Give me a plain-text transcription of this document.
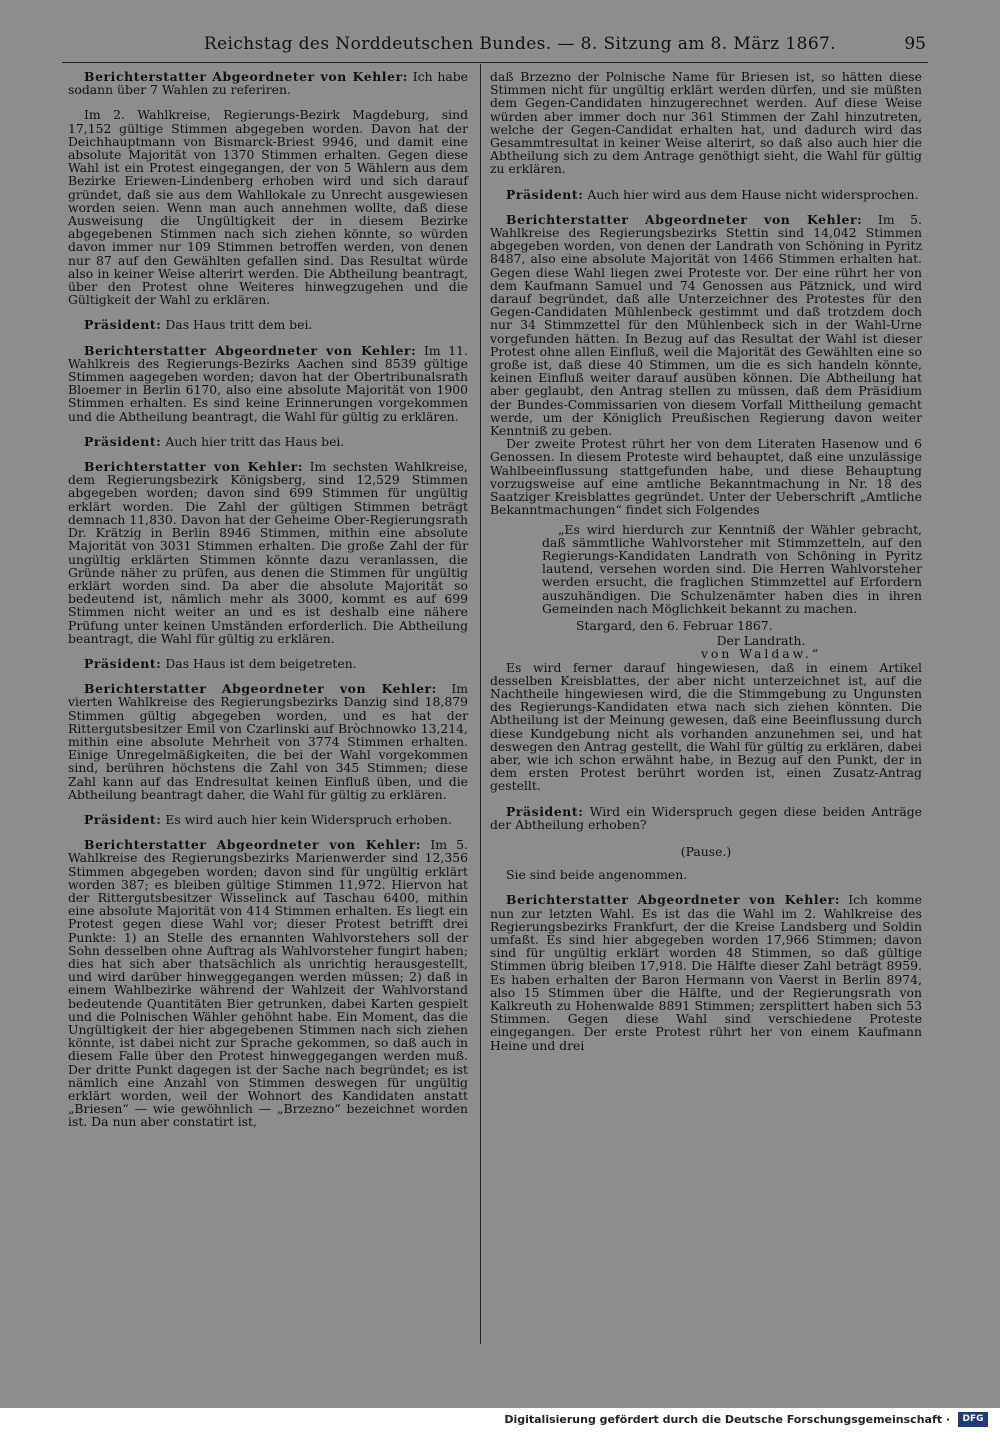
Reichstag des Norddeutschen Bundes. — 8. Sitzung am 8. März 1867.	95

Berichterstatter Abgeordneter von Kehler: Ich habe sodann über 7 Wahlen zu referiren.

Im 2. Wahlkreise, Regierungs-Bezirk Magdeburg, sind 17,152 gültige Stimmen abgegeben worden. Davon hat der Deichhauptmann von Bismarck-Briest 9946, und damit eine absolute Majorität von 1370 Stimmen erhalten. Gegen diese Wahl ist ein Protest eingegangen, der von 5 Wählern aus dem Bezirke Eriewen-Lindenberg erhoben wird und sich darauf gründet, daß sie aus dem Wahllokale zu Unrecht ausgewiesen worden seien. Wenn man auch annehmen wollte, daß diese Ausweisung die Ungültigkeit der in diesem Bezirke abgegebenen Stimmen nach sich ziehen könnte, so würden davon immer nur 109 Stimmen betroffen werden, von denen nur 87 auf den Gewählten gefallen sind. Das Resultat würde also in keiner Weise alterirt werden. Die Abtheilung beantragt, über den Protest ohne Weiteres hinwegzugehen und die Gültigkeit der Wahl zu erklären.

Präsident: Das Haus tritt dem bei.

Berichterstatter Abgeordneter von Kehler: Im 11. Wahlkreis des Regierungs-Bezirks Aachen sind 8539 gültige Stimmen aagegeben worden; davon hat der Obertribunalsrath Bloemer in Berlin 6170, also eine absolute Majorität von 1900 Stimmen erhalten. Es sind keine Erinnerungen vorgekommen und die Abtheilung beantragt, die Wahl für gültig zu erklären.

Präsident: Auch hier tritt das Haus bei.

Berichterstatter von Kehler: Im sechsten Wahlkreise, dem Regierungsbezirk Königsberg, sind 12,529 Stimmen abgegeben worden; davon sind 699 Stimmen für ungültig erklärt worden. Die Zahl der gültigen Stimmen beträgt demnach 11,830. Davon hat der Geheime Ober-Regierungsrath Dr. Krätzig in Berlin 8946 Stimmen, mithin eine absolute Majorität von 3031 Stimmen erhalten. Die große Zahl der für ungültig erklärten Stimmen könnte dazu veranlassen, die Gründe näher zu prüfen, aus denen die Stimmen für ungültig erklärt worden sind. Da aber die absolute Majorität so bedeutend ist, nämlich mehr als 3000, kommt es auf 699 Stimmen nicht weiter an und es ist deshalb eine nähere Prüfung unter keinen Umständen erforderlich. Die Abtheilung beantragt, die Wahl für gültig zu erklären.

Präsident: Das Haus ist dem beigetreten.

Berichterstatter Abgeordneter von Kehler: Im vierten Wahlkreise des Regierungsbezirks Danzig sind 18,879 Stimmen gültig abgegeben worden, und es hat der Rittergutsbesitzer Emil von Czarlinski auf Bròchnowko 13,214, mithin eine absolute Mehrheit von 3774 Stimmen erhalten. Einige Unregelmäßigkeiten, die bei der Wahl vorgekommen sind, berühren höchstens die Zahl von 345 Stimmen; diese Zahl kann auf das Endresultat keinen Einfluß üben, und die Abtheilung beantragt daher, die Wahl für gültig zu erklären.

Präsident: Es wird auch hier kein Widerspruch erhoben.

Berichterstatter Abgeordneter von Kehler: Im 5. Wahlkreise des Regierungsbezirks Marienwerder sind 12,356 Stimmen abgegeben worden; davon sind für ungültig erklärt worden 387; es bleiben gültige Stimmen 11,972. Hiervon hat der Rittergutsbesitzer Wisselinck auf Taschau 6400, mithin eine absolute Majorität von 414 Stimmen erhalten. Es liegt ein Protest gegen diese Wahl vor; dieser Protest betrifft drei Punkte: 1) an Stelle des ernannten Wahlvorstehers soll der Sohn desselben ohne Auftrag als Wahlvorsteher fungirt haben; dies hat sich aber thatsächlich als unrichtig herausgestellt, und wird darüber hinweggegangen werden müssen; 2) daß in einem Wahlbezirke während der Wahlzeit der Wahlvorstand bedeutende Quantitäten Bier getrunken, dabei Karten gespielt und die Polnischen Wähler gehöhnt habe. Ein Moment, das die Ungültigkeit der hier abgegebenen Stimmen nach sich ziehen könnte, ist dabei nicht zur Sprache gekommen, so daß auch in diesem Falle über den Protest hinweggegangen werden muß. Der dritte Punkt dagegen ist der Sache nach begründet; es ist nämlich eine Anzahl von Stimmen deswegen für ungültig erklärt worden, weil der Wohnort des Kandidaten anstatt „Briesen“ — wie gewöhnlich — „Brzezno“ bezeichnet worden ist. Da nun aber constatirt ist,

daß Brzezno der Polnische Name für Briesen ist, so hätten diese Stimmen nicht für ungültig erklärt werden dürfen, und sie müßten dem Gegen-Candidaten hinzugerechnet werden. Auf diese Weise würden aber immer doch nur 361 Stimmen der Zahl hinzutreten, welche der Gegen-Candidat erhalten hat, und dadurch wird das Gesammtresultat in keiner Weise alterirt, so daß also auch hier die Abtheilung sich zu dem Antrage genöthigt sieht, die Wahl für gültig zu erklären.

Präsident: Auch hier wird aus dem Hause nicht widersprochen.

Berichterstatter Abgeordneter von Kehler: Im 5. Wahlkreise des Regierungsbezirks Stettin sind 14,042 Stimmen abgegeben worden, von denen der Landrath von Schöning in Pyritz 8487, also eine absolute Majorität von 1466 Stimmen erhalten hat. Gegen diese Wahl liegen zwei Proteste vor. Der eine rührt her von dem Kaufmann Samuel und 74 Genossen aus Pätznick, und wird darauf begründet, daß alle Unterzeichner des Protestes für den Gegen-Candidaten Mühlenbeck gestimmt und daß trotzdem doch nur 34 Stimmzettel für den Mühlenbeck sich in der Wahl-Urne vorgefunden hätten. In Bezug auf das Resultat der Wahl ist dieser Protest ohne allen Einfluß, weil die Majorität des Gewählten eine so große ist, daß diese 40 Stimmen, um die es sich handeln könnte, keinen Einfluß weiter darauf ausüben können. Die Abtheilung hat aber geglaubt, den Antrag stellen zu müssen, daß dem Präsidium der Bundes-Commissarien von diesem Vorfall Mittheilung gemacht werde, um der Königlich Preußischen Regierung davon weiter Kenntniß zu geben.

Der zweite Protest rührt her von dem Literaten Hasenow und 6 Genossen. In diesem Proteste wird behauptet, daß eine unzulässige Wahlbeeinflussung stattgefunden habe, und diese Behauptung vorzugsweise auf eine amtliche Bekanntmachung in Nr. 18 des Saatziger Kreisblattes gegründet. Unter der Ueberschrift „Amtliche Bekanntmachungen“ findet sich Folgendes

„Es wird hierdurch zur Kenntniß der Wähler gebracht, daß sämmtliche Wahlvorsteher mit Stimmzetteln, auf den Regierungs-Kandidaten Landrath von Schöning in Pyritz lautend, versehen worden sind. Die Herren Wahlvorsteher werden ersucht, die fraglichen Stimmzettel auf Erfordern auszuhändigen. Die Schulzenämter haben dies in ihren Gemeinden nach Möglichkeit bekannt zu machen.

Stargard, den 6. Februar 1867.

Der Landrath.

von Waldaw.“

Es wird ferner darauf hingewiesen, daß in einem Artikel desselben Kreisblattes, der aber nicht unterzeichnet ist, auf die Nachtheile hingewiesen wird, die die Stimmgebung zu Ungunsten des Regierungs-Kandidaten etwa nach sich ziehen könnten. Die Abtheilung ist der Meinung gewesen, daß eine Beeinflussung durch diese Kundgebung nicht als vorhanden anzunehmen sei, und hat deswegen den Antrag gestellt, die Wahl für gültig zu erklären, dabei aber, wie ich schon erwähnt habe, in Bezug auf den Punkt, der in dem ersten Protest berührt worden ist, einen Zusatz-Antrag gestellt.

Präsident: Wird ein Widerspruch gegen diese beiden Anträge der Abtheilung erhoben?

(Pause.)

Sie sind beide angenommen.

Berichterstatter Abgeordneter von Kehler: Ich komme nun zur letzten Wahl. Es ist das die Wahl im 2. Wahlkreise des Regierungsbezirks Frankfurt, der die Kreise Landsberg und Soldin umfaßt. Es sind hier abgegeben worden 17,966 Stimmen; davon sind für ungültig erklärt worden 48 Stimmen, so daß gültige Stimmen übrig bleiben 17,918. Die Hälfte dieser Zahl beträgt 8959. Es haben erhalten der Baron Hermann von Vaerst in Berlin 8974, also 15 Stimmen über die Hälfte, und der Regierungsrath von Kalkreuth zu Hohenwalde 8891 Stimmen; zersplittert haben sich 53 Stimmen. Gegen diese Wahl sind verschiedene Proteste eingegangen. Der erste Protest rührt her von einem Kaufmann Heine und drei

Digitalisierung gefördert durch die Deutsche Forschungsgemeinschaft ·	DFG
